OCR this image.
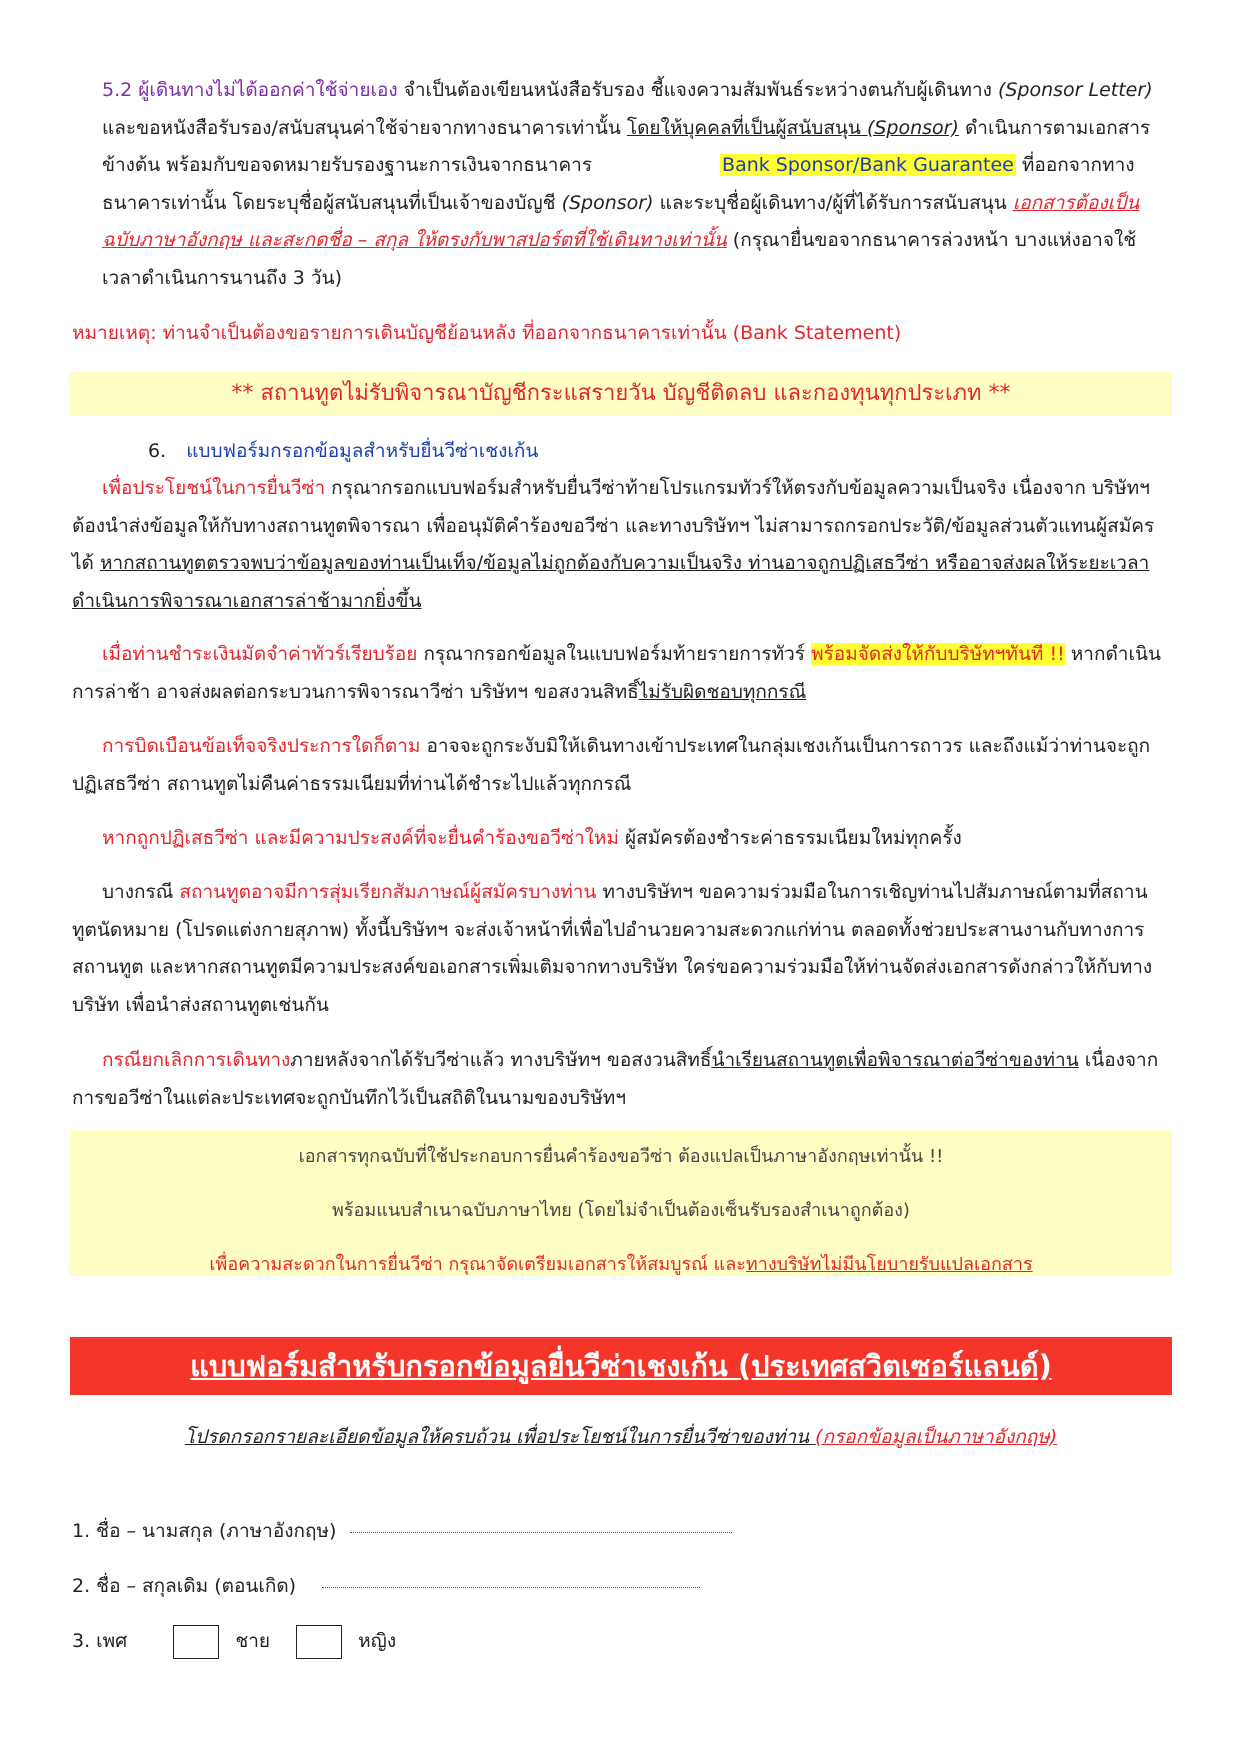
5.2 ผู้เดินทางไม่ได้ออกค่าใช้จ่ายเอง จำเป็นต้องเขียนหนังสือรับรอง ชี้แจงความสัมพันธ์ระหว่างตนกับผู้เดินทาง (Sponsor Letter) และขอหนังสือรับรอง/สนับสนุนค่าใช้จ่ายจากทางธนาคารเท่านั้น โดยให้บุคคลที่เป็นผู้สนับสนุน (Sponsor) ดำเนินการตามเอกสารข้างต้น พร้อมกับขอจดหมายรับรองฐานะการเงินจากธนาคาร	Bank Sponsor/Bank Guarantee ที่ออกจากทางธนาคารเท่านั้น โดยระบุชื่อผู้สนับสนุนที่เป็นเจ้าของบัญชี (Sponsor) และระบุชื่อผู้เดินทาง/ผู้ที่ได้รับการสนับสนุน เอกสารต้องเป็นฉบับภาษาอังกฤษ และสะกดชื่อ – สกุล ให้ตรงกับพาสปอร์ตที่ใช้เดินทางเท่านั้น (กรุณายื่นขอจากธนาคารล่วงหน้า บางแห่งอาจใช้เวลาดำเนินการนานถึง 3 วัน)

หมายเหตุ: ท่านจำเป็นต้องขอรายการเดินบัญชีย้อนหลัง ที่ออกจากธนาคารเท่านั้น (Bank Statement)

** สถานทูตไม่รับพิจารณาบัญชีกระแสรายวัน บัญชีติดลบ และกองทุนทุกประเภท **

6. แบบฟอร์มกรอกข้อมูลสำหรับยื่นวีซ่าเชงเก้น

เพื่อประโยชน์ในการยื่นวีซ่า กรุณากรอกแบบฟอร์มสำหรับยื่นวีซ่าท้ายโปรแกรมทัวร์ให้ตรงกับข้อมูลความเป็นจริง เนื่องจาก บริษัทฯ ต้องนำส่งข้อมูลให้กับทางสถานทูตพิจารณา เพื่ออนุมัติคำร้องขอวีซ่า และทางบริษัทฯ ไม่สามารถกรอกประวัติ/ข้อมูลส่วนตัวแทนผู้สมัครได้ หากสถานทูตตรวจพบว่าข้อมูลของท่านเป็นเท็จ/ข้อมูลไม่ถูกต้องกับความเป็นจริง ท่านอาจถูกปฏิเสธวีซ่า หรืออาจส่งผลให้ระยะเวลาดำเนินการพิจารณาเอกสารล่าช้ามากยิ่งขึ้น

เมื่อท่านชำระเงินมัดจำค่าทัวร์เรียบร้อย กรุณากรอกข้อมูลในแบบฟอร์มท้ายรายการทัวร์ พร้อมจัดส่งให้กับบริษัทฯทันที !! หากดำเนินการล่าช้า อาจส่งผลต่อกระบวนการพิจารณาวีซ่า บริษัทฯ ขอสงวนสิทธิ์ไม่รับผิดชอบทุกกรณี

การบิดเบือนข้อเท็จจริงประการใดก็ตาม อาจจะถูกระงับมิให้เดินทางเข้าประเทศในกลุ่มเชงเก้นเป็นการถาวร และถึงแม้ว่าท่านจะถูกปฏิเสธวีซ่า สถานทูตไม่คืนค่าธรรมเนียมที่ท่านได้ชำระไปแล้วทุกกรณี

หากถูกปฏิเสธวีซ่า และมีความประสงค์ที่จะยื่นคำร้องขอวีซ่าใหม่ ผู้สมัครต้องชำระค่าธรรมเนียมใหม่ทุกครั้ง

บางกรณี สถานทูตอาจมีการสุ่มเรียกสัมภาษณ์ผู้สมัครบางท่าน ทางบริษัทฯ ขอความร่วมมือในการเชิญท่านไปสัมภาษณ์ตามที่สถานทูตนัดหมาย (โปรดแต่งกายสุภาพ) ทั้งนี้บริษัทฯ จะส่งเจ้าหน้าที่เพื่อไปอำนวยความสะดวกแก่ท่าน ตลอดทั้งช่วยประสานงานกับทางการสถานทูต และหากสถานทูตมีความประสงค์ขอเอกสารเพิ่มเติมจากทางบริษัท ใคร่ขอความร่วมมือให้ท่านจัดส่งเอกสารดังกล่าวให้กับทางบริษัท เพื่อนำส่งสถานทูตเช่นกัน

กรณียกเลิกการเดินทางภายหลังจากได้รับวีซ่าแล้ว ทางบริษัทฯ ขอสงวนสิทธิ์นำเรียนสถานทูตเพื่อพิจารณาต่อวีซ่าของท่าน เนื่องจากการขอวีซ่าในแต่ละประเทศจะถูกบันทึกไว้เป็นสถิติในนามของบริษัทฯ

เอกสารทุกฉบับที่ใช้ประกอบการยื่นคำร้องขอวีซ่า ต้องแปลเป็นภาษาอังกฤษเท่านั้น !!
พร้อมแนบสำเนาฉบับภาษาไทย (โดยไม่จำเป็นต้องเซ็นรับรองสำเนาถูกต้อง)
เพื่อความสะดวกในการยื่นวีซ่า กรุณาจัดเตรียมเอกสารให้สมบูรณ์ และทางบริษัทไม่มีนโยบายรับแปลเอกสาร
แบบฟอร์มสำหรับกรอกข้อมูลยื่นวีซ่าเชงเก้น (ประเทศสวิตเซอร์แลนด์)

โปรดกรอกรายละเอียดข้อมูลให้ครบถ้วน เพื่อประโยชน์ในการยื่นวีซ่าของท่าน (กรอกข้อมูลเป็นภาษาอังกฤษ)

1. ชื่อ – นามสกุล (ภาษาอังกฤษ)
2. ชื่อ – สกุลเดิม (ตอนเกิด)
3. เพศ	ชาย	หญิง
